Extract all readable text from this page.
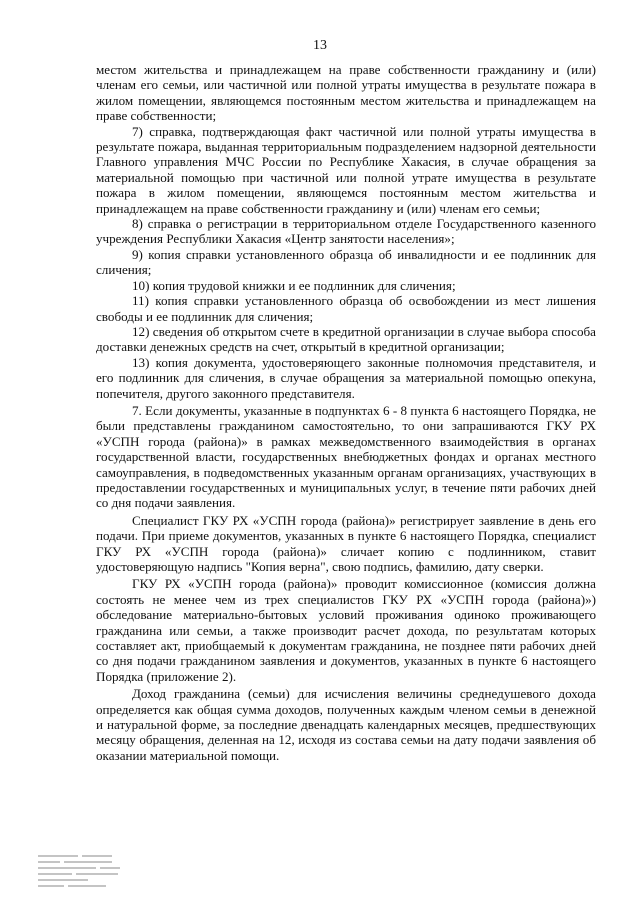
13

местом жительства и принадлежащем на праве собственности гражданину и (или) членам его семьи, или частичной или полной утраты имущества в результате пожара в жилом помещении, являющемся постоянным местом жительства и принадлежащем на праве собственности;

7) справка, подтверждающая факт частичной или полной утраты имущества в результате пожара, выданная территориальным подразделением надзорной деятельности Главного управления МЧС России по Республике Хакасия, в случае обращения за материальной помощью при частичной или полной утрате имущества в результате пожара в жилом помещении, являющемся постоянным местом жительства и принадлежащем на праве собственности гражданину и (или) членам его семьи;

8) справка о регистрации в территориальном отделе Государственного казенного учреждения Республики Хакасия «Центр занятости населения»;

9) копия справки установленного образца об инвалидности и ее подлинник для сличения;

10) копия трудовой книжки и ее подлинник для сличения;

11) копия справки установленного образца об освобождении из мест лишения свободы и ее подлинник для сличения;

12) сведения об открытом счете в кредитной организации в случае выбора способа доставки денежных средств на счет, открытый в кредитной организации;

13) копия документа, удостоверяющего законные полномочия представителя, и его подлинник для сличения, в случае обращения за материальной помощью опекуна, попечителя, другого законного представителя.

7. Если документы, указанные в подпунктах 6 - 8 пункта 6 настоящего Порядка, не были представлены гражданином самостоятельно, то они запрашиваются ГКУ РХ «УСПН города (района)» в рамках межведомственного взаимодействия в органах государственной власти, государственных внебюджетных фондах и органах местного самоуправления, в подведомственных указанным органам организациях, участвующих в предоставлении государственных и муниципальных услуг, в течение пяти рабочих дней со дня подачи заявления.

Специалист ГКУ РХ «УСПН города (района)» регистрирует заявление в день его подачи. При приеме документов, указанных в пункте 6 настоящего Порядка, специалист ГКУ РХ «УСПН города (района)» сличает копию с подлинником, ставит удостоверяющую надпись "Копия верна", свою подпись, фамилию, дату сверки.

ГКУ РХ «УСПН города (района)» проводит комиссионное (комиссия должна состоять не менее чем из трех специалистов ГКУ РХ «УСПН города (района)») обследование материально-бытовых условий проживания одиноко проживающего гражданина или семьи, а также производит расчет дохода, по результатам которых составляет акт, приобщаемый к документам гражданина, не позднее пяти рабочих дней со дня подачи гражданином заявления и документов, указанных в пункте 6 настоящего Порядка (приложение 2).

Доход гражданина (семьи) для исчисления величины среднедушевого дохода определяется как общая сумма доходов, полученных каждым членом семьи в денежной и натуральной форме, за последние двенадцать календарных месяцев, предшествующих месяцу обращения, деленная на 12, исходя из состава семьи на дату подачи заявления об оказании материальной помощи.
